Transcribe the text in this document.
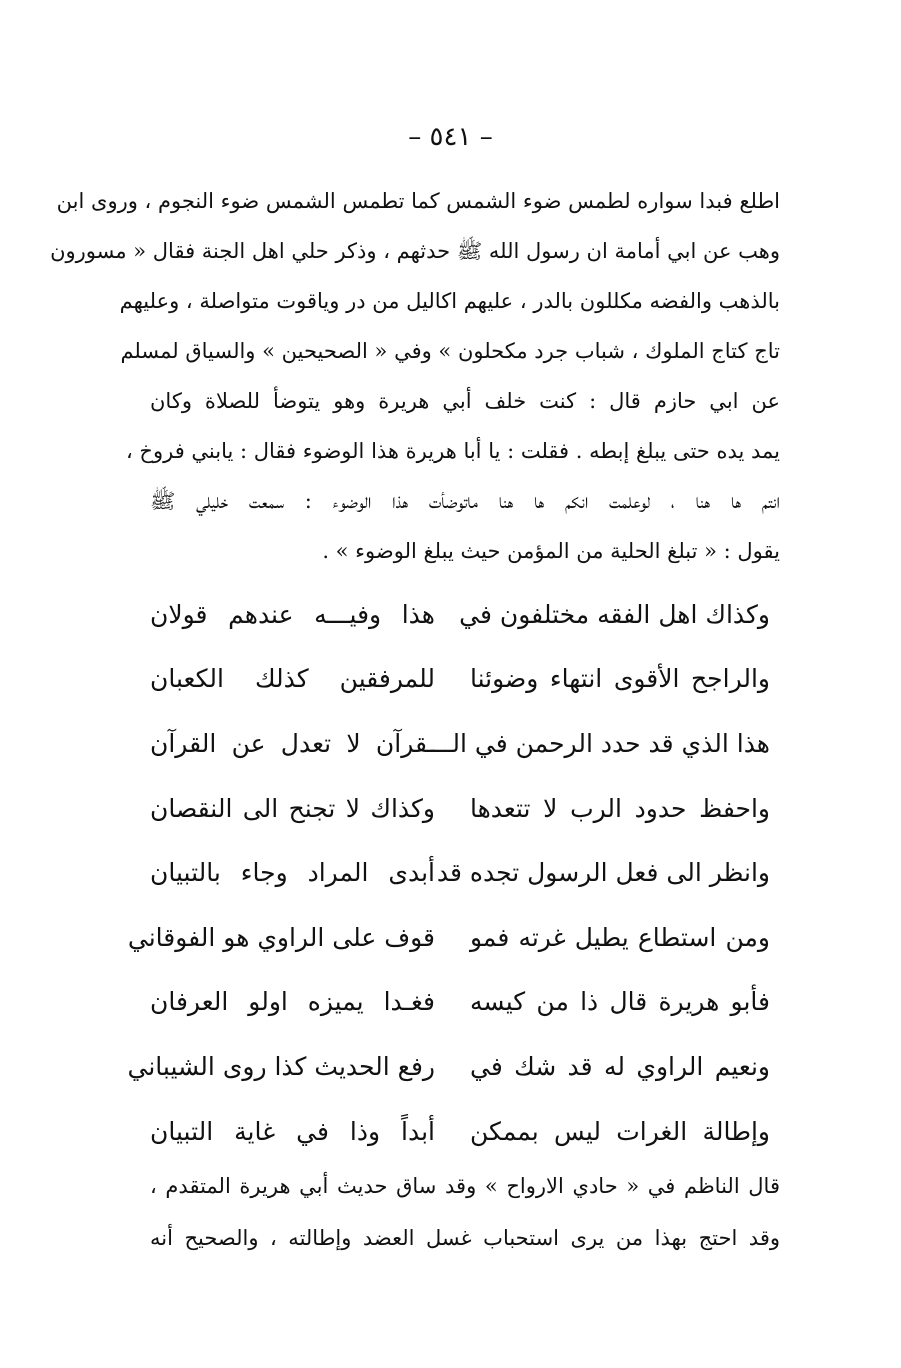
– ٥٤١ –
اطلع فبدا سواره لطمس ضوء الشمس كما تطمس الشمس ضوء النجوم ، وروى ابن
وهب عن ابي أمامة ان رسول الله ﷺ حدثهم ، وذكر حلي اهل الجنة فقال « مسورون
بالذهب والفضه مكللون بالدر ، عليهم اكاليل من در وياقوت متواصلة ، وعليهم
تاج كتاج الملوك ، شباب جرد مكحلون » وفي « الصحيحين » والسياق لمسلم
عن ابي حازم قال : كنت خلف أبي هريرة وهو يتوضأ للصلاة وكان
يمد يده حتى يبلغ إبطه . فقلت : يا أبا هريرة هذا الوضوء فقال : يابني فروخ ،
انتم ها هنا ، لوعلمت انكم ها هنا ماتوضأت هذا الوضوء : سمعت خليلي ﷺ
يقول : « تبلغ الحلية من المؤمن حيث يبلغ الوضوء » .
وكذاك اهل الفقه مختلفون في
هذا وفيـــه عندهم قولان
والراجح الأقوى انتهاء وضوئنا
للمرفقين كذلك الكعبان
هذا الذي قد حدد الرحمن في الـــ
ـقرآن لا تعدل عن القرآن
واحفظ حدود الرب لا تتعدها
وكذاك لا تجنح الى النقصان
وانظر الى فعل الرسول تجده قد
أبدى المراد وجاء بالتبيان
ومن استطاع يطيل غرته فمو
قوف على الراوي هو الفوقاني
فأبو هريرة قال ذا من كيسه
فغـدا يميزه اولو العرفان
ونعيم الراوي له قد شك في
رفع الحديث كذا روى الشيباني
وإطالة الغرات ليس بممكن
أبداً وذا في غاية التبيان
قال الناظم في « حادي الارواح » وقد ساق حديث أبي هريرة المتقدم ،
وقد احتج بهذا من يرى استحباب غسل العضد وإطالته ، والصحيح أنه
